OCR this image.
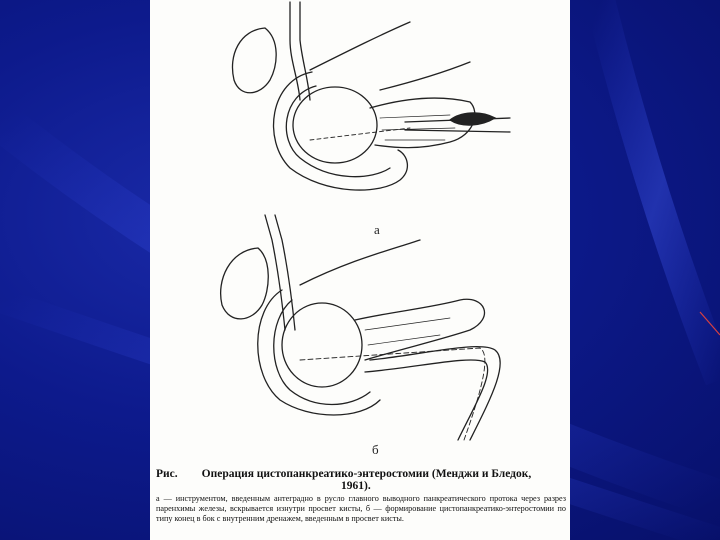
а
б
Рис. Операция цистопанкреатико-энтеростомии (Менджи и Бледок,
1961).
а — инструментом, введенным антеградно в русло главного выводного панкреатического протока через разрез паренхимы железы, вскрывается изнутри просвет кисты, б — формирование цистопанкреатико-энтеростомии по типу конец в бок с внутренним дренажем, введенным в просвет кисты.
